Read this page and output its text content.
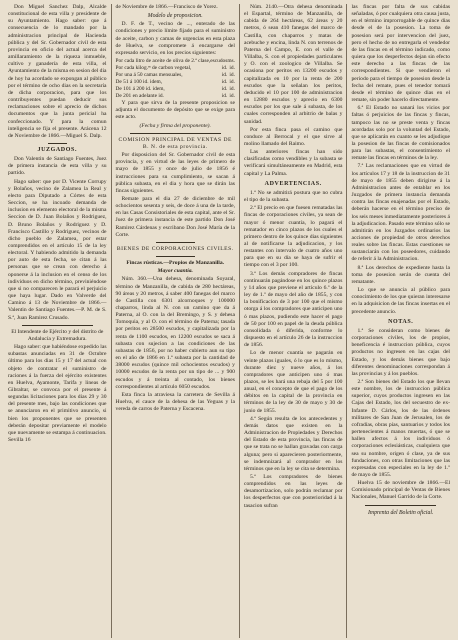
Don Miguel Sanchez Dalp, Alcalde constitucional de esta villa y presidente de su Ayuntamiento. Hago saber: que á consecuencia de lo mandado por la administracion principal de Hacienda pública y del Sr. Gobernador civil de esta provincia en oficio del actual acerca del amillaramiento de la riqueza inmueble, cultivo y ganadería de esta villa, el Ayuntamiento de la misma en sesion del dia de hoy ha acordado se expongan al público por el término de ocho dias en la secretaría de dicha corporacion, para que los contribuyentes puedan deducir sus reclamaciones sobre el aprecio de dichos documentos que la junta pericial ha confeccionado. Y para la comun inteligencia se fija el presente. Arácena 12 de Noviembre de 1866.—Miguel S. Dalp.

JUZGADOS.

Don Valentin de Santiago Fuentes, Juez de primera instancia de esta villa y su partido.

Hago saber: que por D. Vicente Corrupy y Bolaños, vecino de Zalamea la Real y electo para Diputado a Córtes de esta Seccion, se ha incoado demanda de inclusion en elemento electoral de la misma Seccion de D. Juan Bolaños y Rodriguez, D. Bruno Bolaños y Rodriguez y D. Francisco Castillo y Rodriguez, vecinos de dicho pueblo de Zalamea, por estar comprendidos en el artículo 15 de la ley electoral. Y habiendo admitido la demanda por auto de esta fecha, se citan á las personas que se crean con derecho á oponerse á la inclusion en el censo de los individuos en dicho término, previniéndose que si no comparecen le parará el perjuicio que haya lugar. Dado en Valverde del Camino á 13 de Noviembre de 1866.—Valentin de Santiago Fuentes.—P. M. de S. S.ª, Juan Ramirez Crusado.

El Intendente de Ejército y del distrito de Andalucía y Extremadura.

Hago saber: que habiéndose expedido las subastas anunciadas en 31 de Octubre último para los dias 15 y 17 del actual con objeto de contratar el suministro de raciones á la fuerza del ejército existentes en Huelva, Ayamonte, Tarifa y lineas de Gibraltar, se convoca por el presente á segundas licitaciones para los dias 29 y 30 del presente mes, bajo las condiciones que se anunciaron en el primitivo anuncio, si bien los proponentes que se presenten deberán depositar previamente el modelo que nuevamente se estampa á continuacion. Sevilla 16

de Noviembre de 1866.—Francisco de Yorez.

Modelo de proposicion.

D. F. de T., vecino de ..., enterado de las condiciones y precio límite fijado para el suministro de aceite, carbon y camas de urgencias en esta plaza de Huelva, se compromete á encargarse del expresado servicio, en los precios siguientes:

Por cada litro de aceite de oliva de 2.ª clase,	escudos	ms.
Por cada kilog.ᵐ de carbon vegetal,	id.	id.
Por una á 50 camas mensuales,	id.	id.
De 51 á 100 id. idem,	id.	id.
De 101 á 200 id. idem,	id.	id.
De 201 en adelante id.	id.	id.

Y para que sirva de la presente proposicion se adjunta el documento de depósito que se exige para este acto.

(Fecha y firma del proponente).

COMISION PRINCIPAL DE VENTAS DE B. N. de esta provincia.

Por disposicion del Sr. Gobernador civil de esta provincia, y en virtud de las leyes de primero de mayo de 1855 y once de julio de 1856 é instrucciones para su cumplimiento, se sacan á pública subasta, en el dia y hora que se dirán las fincas siguientes.

Remate para el dia 27 de diciembre de mil ochocientos sesenta y seis, de doce á una de la tarde, en las Casas Consistoriales de esta capital, ante el Sr. Juez de primera instancia de este partido Don José Ramirez Cárdenas y escribano Don José María de la Corte.

BIENES DE CORPORACIONES CIVILES.

Fincas rústicas.—Propios de Manzanilla.

Mayor cuantía.

Núm. 360.—Una dehesa, denominada Soyaral, término de Manzanilla, de cabida de 280 hectáreas, 90 áreas y 20 metros, á saber 400 fanegas del marco de Castilla con 6301 alcornoques y 100000 chaparros, linda al N. con un camino que da á Paterna, al O. con la del Bremingo, y S. y dehesa Tomoquia, y al O. con el término de Paterna; tasada por peritos en 28500 escudos, y capitalizada por la renta de 1100 escudos, en 12200 escudos se saca á subasta con sujecion a las condiciones de las subastas de 1856, por no haber cubierto aun su tipo en el año de 1866 en 1.ª subasta por la cantidad de 38000 escudos (quince mil ochocientos escudos) y 10000 escudos de la renta por un tipo de ... y 900 escudos y á treinta al contado, los bienes correspondientes al artículo 6050 escudos.

Esta finca la atraviesa la carretera de Sevilla á Huelva, el cauce de la dehesa de las Yeguas y la vereda de carros de Paterna y Escacena.

Núm. 2140.—Otra dehesa denominada el Espartal, término de Manzanilla, de cabida de 264 hectáreas, 62 áreas y 20 metros, ó sean 410 fanegas del marco de Castilla, con chaparros y matas de acebuche y encina, linda N. con terrenos de Paterna del Campo, E. con el valle de Villalba, S. con el propiedades particulares y O. con el zoologico de Villalba. Se ocasiona por peritos en 13200 escudos y capitalizada en 10 por la renta de 200 escudos que la señalan los peritos, deducido el 10 por 100 de administracion en 12880 escudos y aprecio en 6300 escudos por los que sale á subasta, de los cuales corresponden al arbitrio de balas y sanidad.

Por esta finca pasa el camino que conduce al Berrocal y el que sirve al molino llamado del Raimo.

Las anteriores fincas han sido clasificadas como vendibles y la subasta se verificará simultáneamente en Madrid, esta capital y La Palma.

ADVERTENCIAS.

1.ª No se admitirá postura que no cubra el tipo de la subasta.

2.ª El precio en que fuesen rematadas las fincas de corporaciones civiles, ya sean de mayor ó menor cuantía, lo pagará el rematador en cinco plazos de los cuales el primero dentro de los quince dias siguientes al de notificarse la adjudicacion, y los restantes con intervalo de cuatro años uno para que en su día se haya de sufrir el tiempo con el 3 por 100.

3.ª Los demás compradores de fincas continuarán pagándose en los quince plazos y 14 años que previene el artículo 6.º de la ley de 1.º de mayo del año de 1855, y con la bonificacion de 3 por 100 que el mismo otorga á los compradores que anticipen uno ó mas plazos, pudiendo este hacer el pago de 50 por 100 en papel de la deuda pública consolidada ó diferida, conforme lo dispuesto en el artículo 26 de la instruccion de 1856.

Lo de menor cuantía se pagarán en veinte plazos iguales, ó lo que es lo mismo, durante diez y nueve años, á los compradores que anticipen uno ó mas plazos, se les hará una rebaja del 5 por 100 anual, en el concepto de que el pago de los débitos en la capital de la provincia en términos de la ley de 30 de mayo y 30 de junio de 1855.

4.ª Según resulta de los antecedentes y demás datos que existen en la Administracion de Propiedades y Derechos del Estado de esta provincia, las fincas de que se trata no se hallan gravadas con carga alguna; pero si aparecieren posteriormente, se indemnizará al comprador en los términos que en la ley se cita se determina.

5.ª Los compradores de bienes comprendidos en las leyes de desamortizacion, solo podrán reclamar por los desperfectos que con posterioridad á la tasacion sufran

las fincas por falta de sus cabidas señaladas, ó por cualquiera otra causa justa, en el término improrrogable de quince dias desde el de la posesion. La toma de posesion será por intervencion del juez, pero el hecho de no entregarla el vendedor de las fincas en el término indicado, como quiera que los desperfectos dejan sin efecto este derecho a las fincas de las correspondientes. Si que vendieron el período para el tiempo de posesion desde la fecha del remate, pues el tenedor tomará desde el término de quince dias en el remate, sin poder hacerlo directamente.

6.ª El Estado no sanará los vicios por faltas ó perjuicios de las fincas y fincas, tampoco las no se preste venta y fincas acordadas solo por la voluntad del Estado, que se aplicarán en cuanto se les adjudique la posesion de las fincas de comisionados para las subastas, el consentimiento el remate las fincas en términos de la ley.

7.ª Las reclamaciones que en virtud de los artículos 17 y 18 de la instruccion de 31 de mayo de 1855 deben dirigirse á la Administracion antes de entablar en los Juzgados de primera instancia demanda contra las fincas enajenadas por el Estado, deberán hacerse en el término preciso de los seis meses inmediatamente posteriores á la adjudicacion. Pasado este término sólo se admitirán en los Juzgados ordinarios las acciones de propiedad de otros derechos reales sobre las fincas. Estas cuestiones se sustanciarán con los poseedores, cuidando de referir á la Administracion.

8.ª Los derechos de expediente hasta la toma de posesion serán de cuenta del rematante.

Lo que se anuncia al público para conocimiento de los que quieran interesarse en la adquisicion de las fincas insertas en el precedente anuncio.

NOTAS.

1.ª Se consideran como bienes de corporaciones civiles, los de propios, beneficencia é instruccion pública, cuyos productos no ingresen en las cajas del Estado, y los demás bienes que bajo diferentes denominaciones correspondan á las provincias y á los pueblos.

2.ª Son bienes del Estado los que llevan este nombre, los de instruccion pública superior, cuyos productos ingresen en las Cajas del Estado, los del secuestro de ex-Infante D. Cárlos, los de las órdenes militares de San Juan de Jerusalen, los de cofradías, obras pías, santuarios y todos los pertenecientes á manos muertas, ó que se hallen afectos á los individuos ó corporaciones eclesiásticas, cualquiera que sea su nombre, origen ó clase, ya de sus fundaciones, con otras limitaciones que las expresadas con especiales en la ley de 1.º de mayo de 1855.

Huelva 15 de noviembre de 1866.—El Comisionado principal de Ventas de Bienes Nacionales, Manuel Garrido de la Corte.

Imprenta del Boletin oficial.
